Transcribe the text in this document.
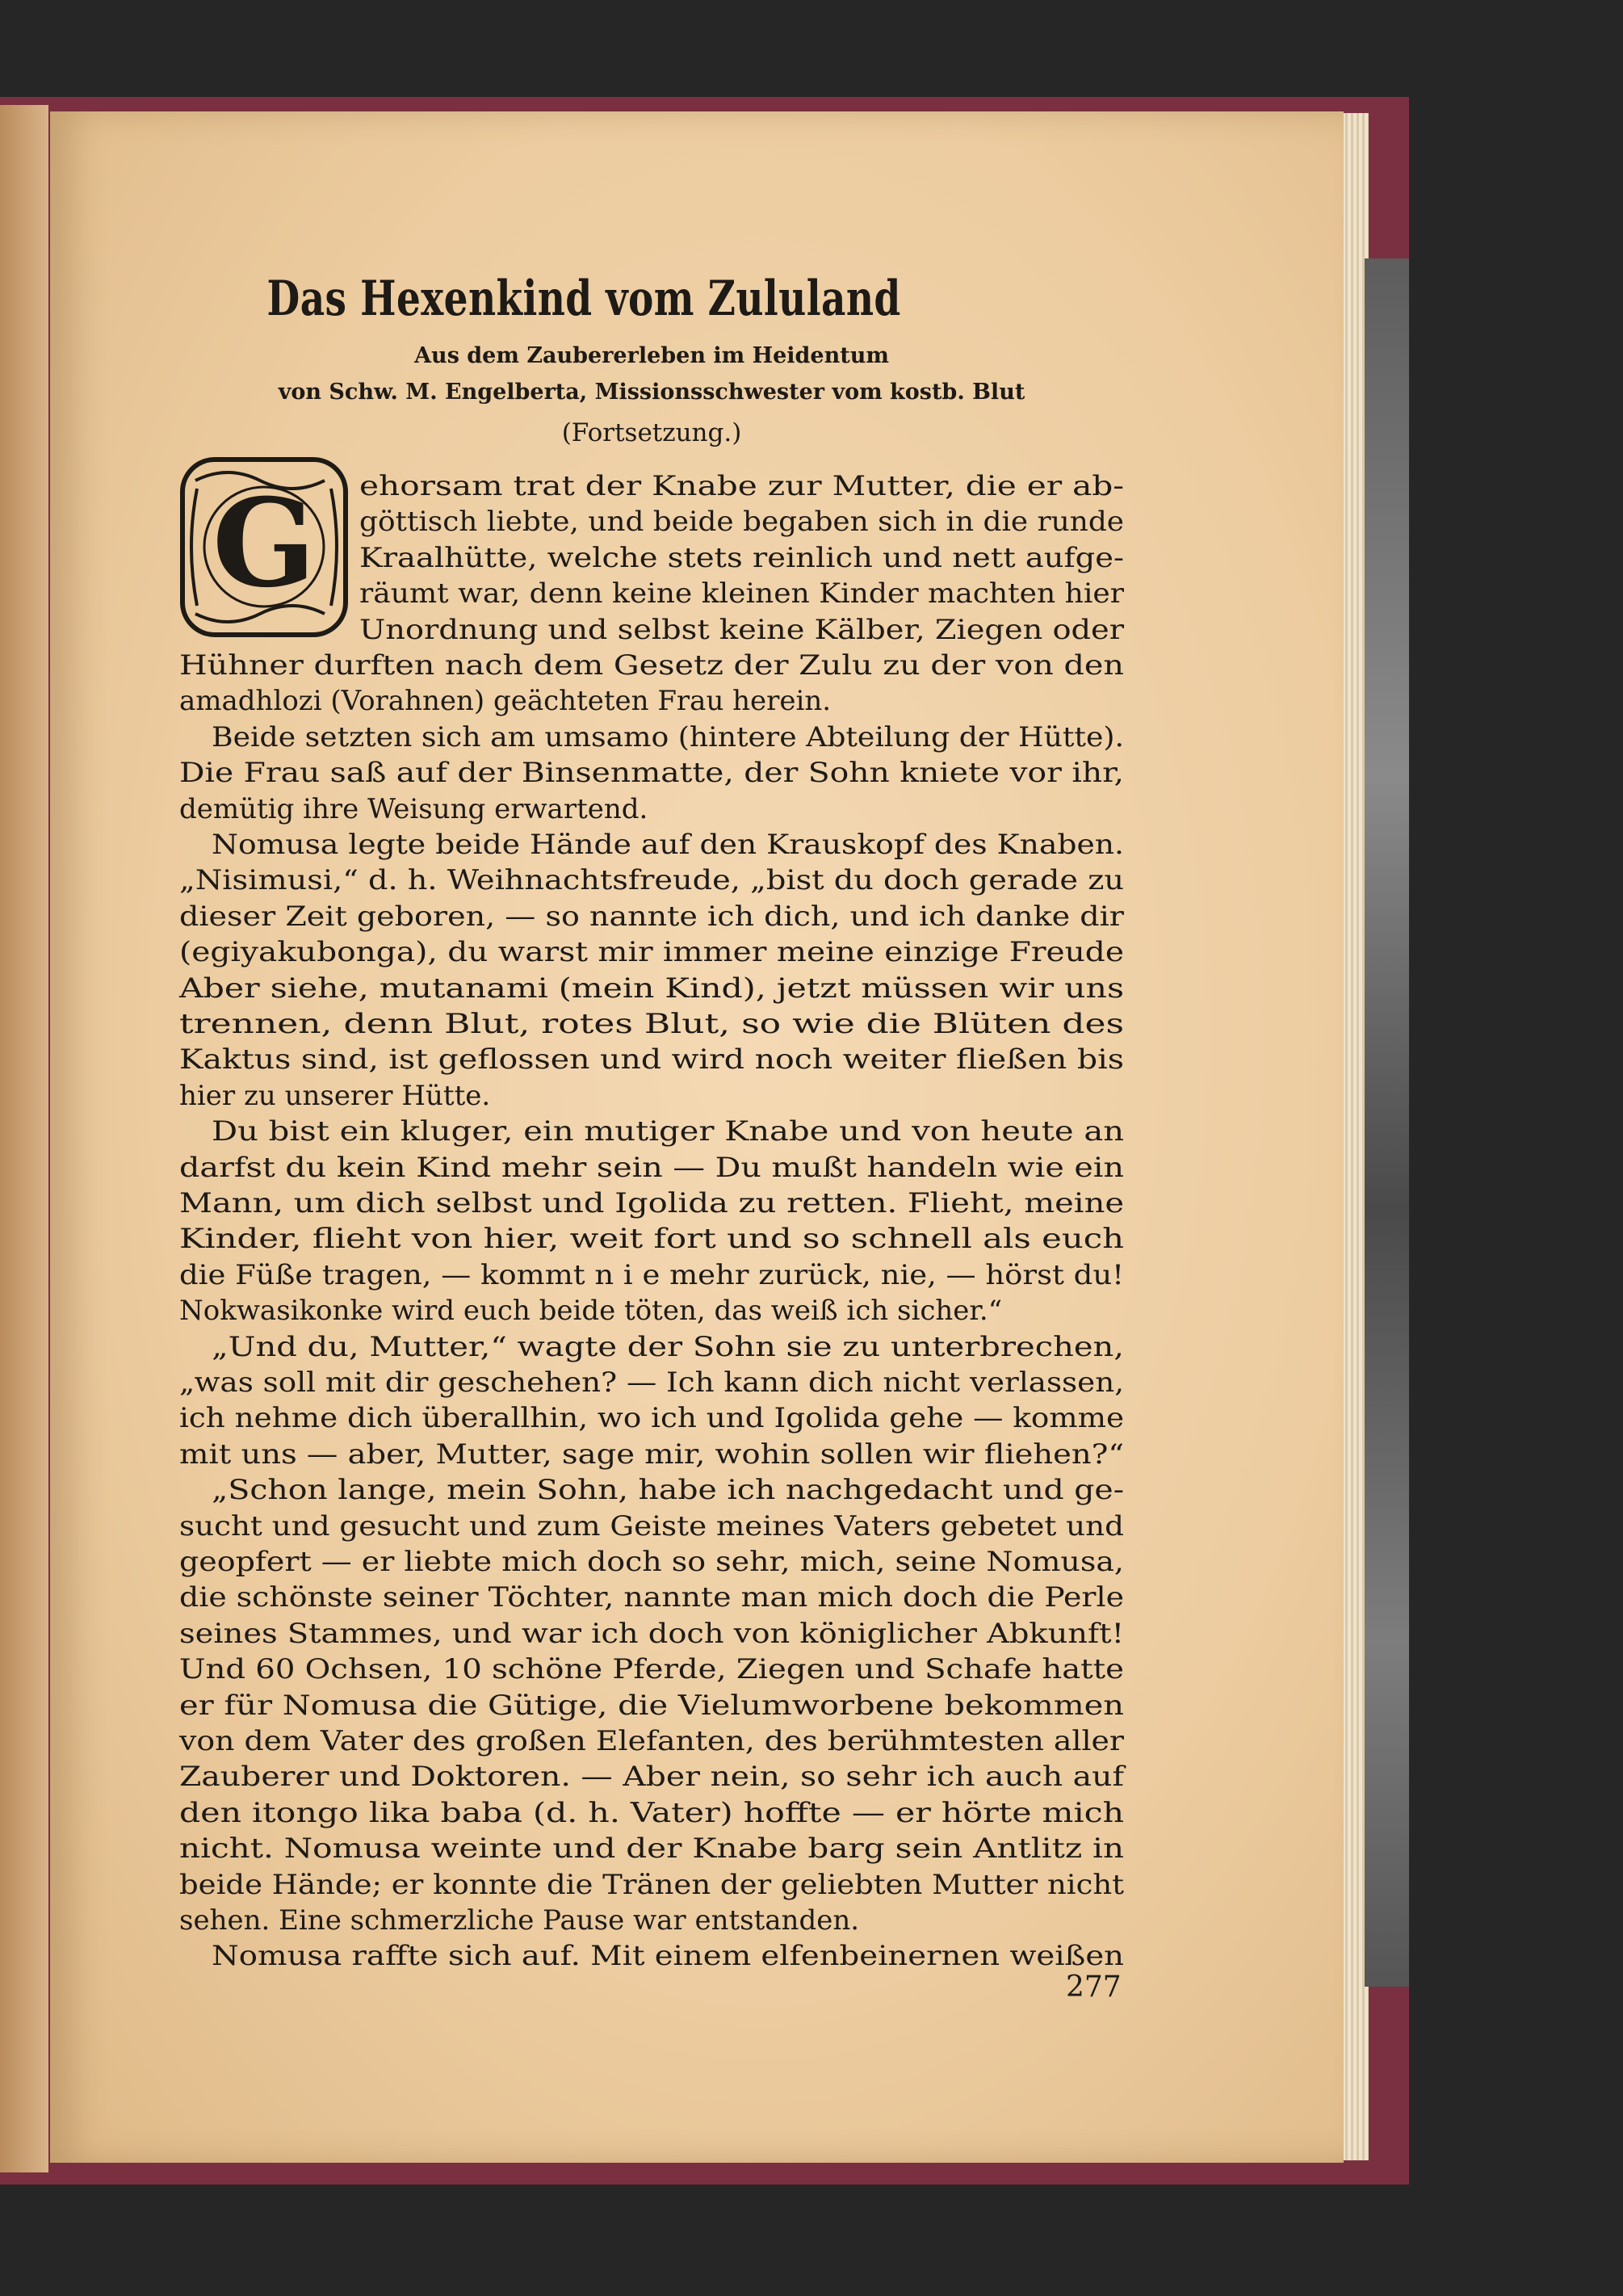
Das Hexenkind vom Zululand
Aus dem Zaubererleben im Heidentum
von Schw. M. Engelberta, Missionsschwester vom kostb. Blut
(Fortsetzung.)
G ehorsam trat der Knabe zur Mutter, die er ab-
göttisch liebte, und beide begaben sich in die runde
Kraalhütte, welche stets reinlich und nett aufge-
räumt war, denn keine kleinen Kinder machten hier
Unordnung und selbst keine Kälber, Ziegen oder
Hühner durften nach dem Gesetz der Zulu zu der von den
amadhlozi (Vorahnen) geächteten Frau herein.
Beide setzten sich am umsamo (hintere Abteilung der Hütte).
Die Frau saß auf der Binsenmatte, der Sohn kniete vor ihr,
demütig ihre Weisung erwartend.
Nomusa legte beide Hände auf den Krauskopf des Knaben.
„Nisimusi,“ d. h. Weihnachtsfreude, „bist du doch gerade zu
dieser Zeit geboren, — so nannte ich dich, und ich danke dir
(egiyakubonga), du warst mir immer meine einzige Freude
Aber siehe, mutanami (mein Kind), jetzt müssen wir uns
trennen, denn Blut, rotes Blut, so wie die Blüten des
Kaktus sind, ist geflossen und wird noch weiter fließen bis
hier zu unserer Hütte.
Du bist ein kluger, ein mutiger Knabe und von heute an
darfst du kein Kind mehr sein — Du mußt handeln wie ein
Mann, um dich selbst und Igolida zu retten. Flieht, meine
Kinder, flieht von hier, weit fort und so schnell als euch
die Füße tragen, — kommt n i e mehr zurück, nie, — hörst du!
Nokwasikonke wird euch beide töten, das weiß ich sicher.“
„Und du, Mutter,“ wagte der Sohn sie zu unterbrechen,
„was soll mit dir geschehen? — Ich kann dich nicht verlassen,
ich nehme dich überallhin, wo ich und Igolida gehe — komme
mit uns — aber, Mutter, sage mir, wohin sollen wir fliehen?“
„Schon lange, mein Sohn, habe ich nachgedacht und ge-
sucht und gesucht und zum Geiste meines Vaters gebetet und
geopfert — er liebte mich doch so sehr, mich, seine Nomusa,
die schönste seiner Töchter, nannte man mich doch die Perle
seines Stammes, und war ich doch von königlicher Abkunft!
Und 60 Ochsen, 10 schöne Pferde, Ziegen und Schafe hatte
er für Nomusa die Gütige, die Vielumworbene bekommen
von dem Vater des großen Elefanten, des berühmtesten aller
Zauberer und Doktoren. — Aber nein, so sehr ich auch auf
den itongo lika baba (d. h. Vater) hoffte — er hörte mich
nicht. Nomusa weinte und der Knabe barg sein Antlitz in
beide Hände; er konnte die Tränen der geliebten Mutter nicht
sehen. Eine schmerzliche Pause war entstanden.
Nomusa raffte sich auf. Mit einem elfenbeinernen weißen
277
